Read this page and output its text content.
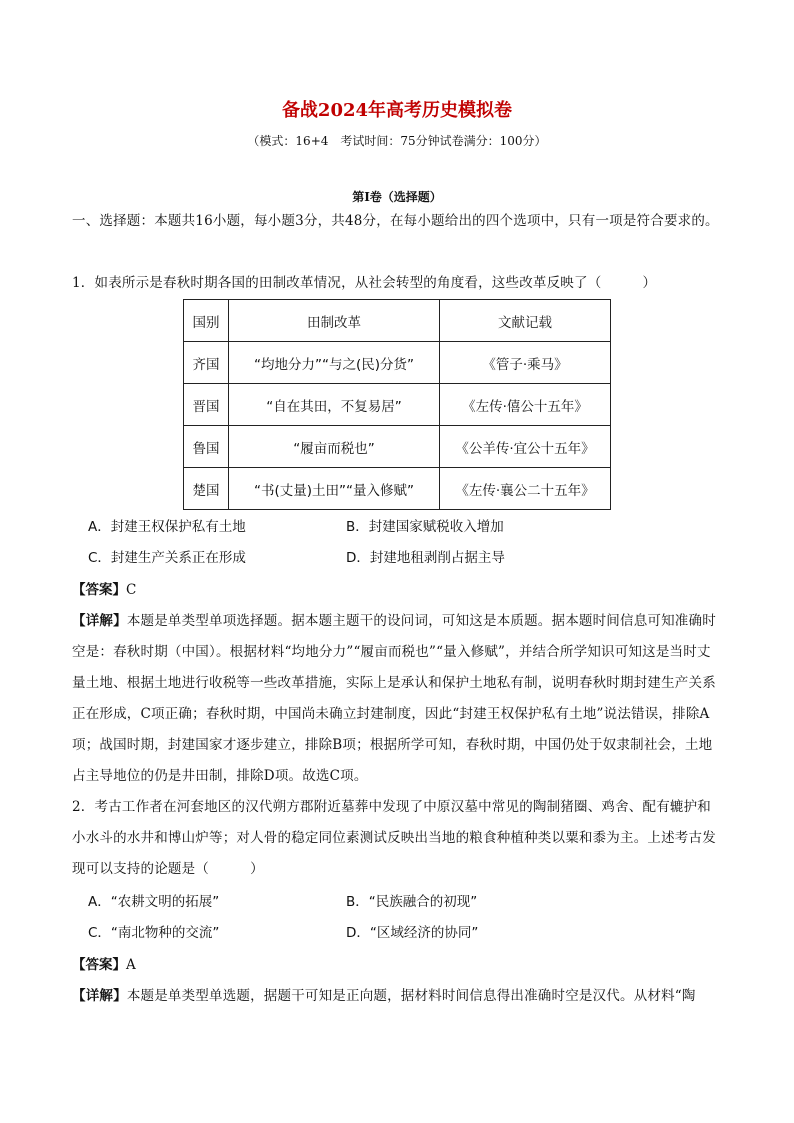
备战2024年高考历史模拟卷
（模式：16+4　考试时间：75分钟试卷满分：100分）
第I卷（选择题）
一、选择题：本题共16小题，每小题3分，共48分，在每小题给出的四个选项中，只有一项是符合要求的。
1．如表所示是春秋时期各国的田制改革情况，从社会转型的角度看，这些改革反映了（　　　）
国别	田制改革	文献记载
齐国	“均地分力”“与之(民)分货”	《管子·乘马》
晋国	“自在其田，不复易居”	《左传·僖公十五年》
鲁国	“履亩而税也”	《公羊传·宜公十五年》
楚国	“书(丈量)土田”“量入修赋”	《左传·襄公二十五年》
A．封建王权保护私有土地	B．封建国家赋税收入增加
C．封建生产关系正在形成	D．封建地租剥削占据主导
【答案】C
【详解】本题是单类型单项选择题。据本题主题干的设问词，可知这是本质题。据本题时间信息可知准确时空是：春秋时期（中国）。根据材料“均地分力”“履亩而税也”“量入修赋”，并结合所学知识可知这是当时丈量土地、根据土地进行收税等一些改革措施，实际上是承认和保护土地私有制，说明春秋时期封建生产关系正在形成，C项正确；春秋时期，中国尚未确立封建制度，因此“封建王权保护私有土地”说法错误，排除A项；战国时期，封建国家才逐步建立，排除B项；根据所学可知，春秋时期，中国仍处于奴隶制社会，土地占主导地位的仍是井田制，排除D项。故选C项。
2．考古工作者在河套地区的汉代朔方郡附近墓葬中发现了中原汉墓中常见的陶制猪圈、鸡舍、配有辘护和小水斗的水井和博山炉等；对人骨的稳定同位素测试反映出当地的粮食种植种类以粟和黍为主。上述考古发现可以支持的论题是（　　　）
A．“农耕文明的拓展”	B．“民族融合的初现”
C．“南北物种的交流”	D．“区域经济的协同”
【答案】A
【详解】本题是单类型单选题，据题干可知是正向题，据材料时间信息得出准确时空是汉代。从材料“陶
